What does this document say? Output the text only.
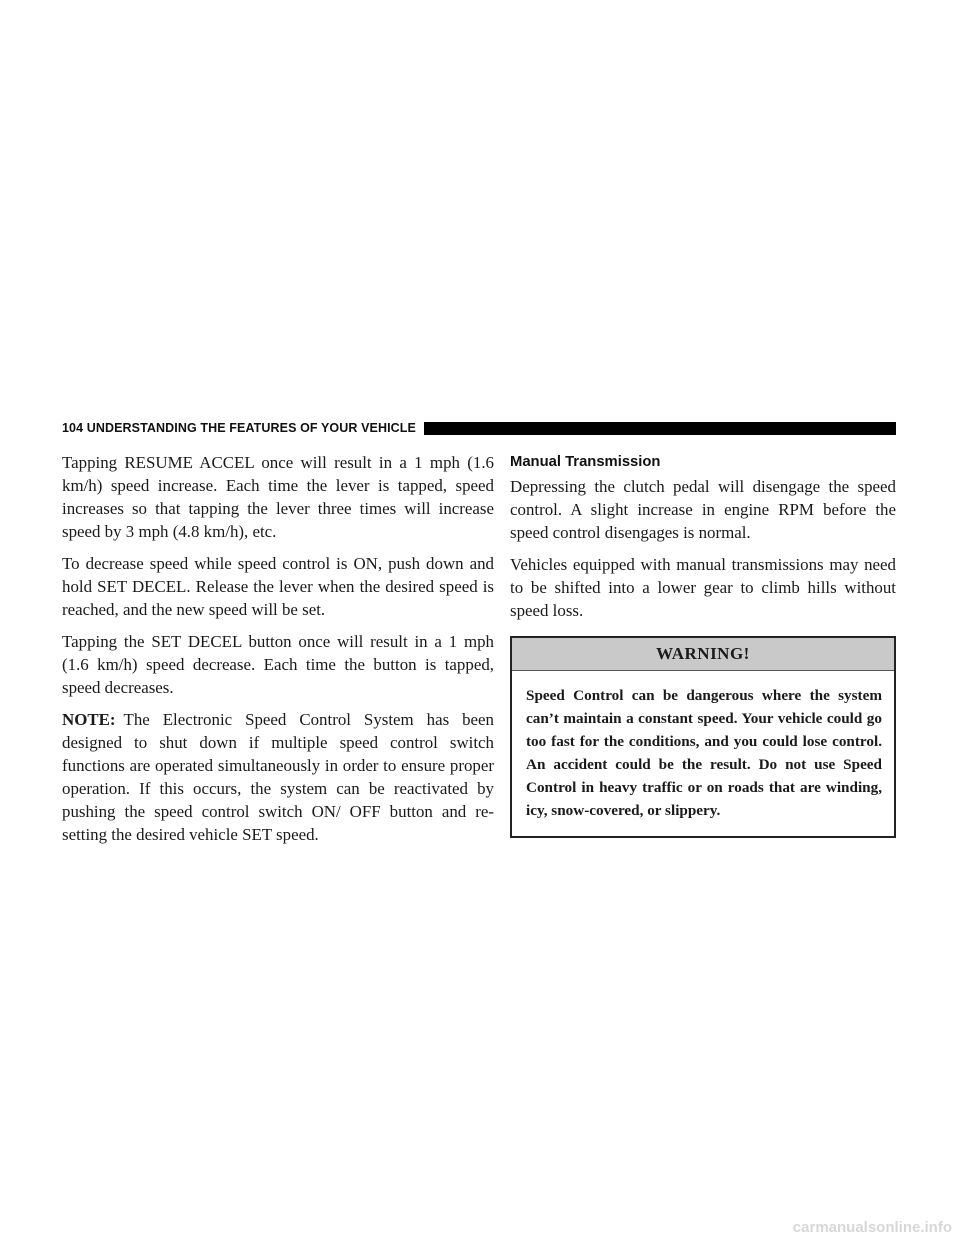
104 UNDERSTANDING THE FEATURES OF YOUR VEHICLE

Tapping RESUME ACCEL once will result in a 1 mph (1.6 km/h) speed increase. Each time the lever is tapped, speed increases so that tapping the lever three times will increase speed by 3 mph (4.8 km/h), etc.

To decrease speed while speed control is ON, push down and hold SET DECEL. Release the lever when the desired speed is reached, and the new speed will be set.

Tapping the SET DECEL button once will result in a 1 mph (1.6 km/h) speed decrease. Each time the button is tapped, speed decreases.

NOTE: The Electronic Speed Control System has been designed to shut down if multiple speed control switch functions are operated simultaneously in order to ensure proper operation. If this occurs, the system can be reactivated by pushing the speed control switch ON/ OFF button and re-setting the desired vehicle SET speed.

Manual Transmission

Depressing the clutch pedal will disengage the speed control. A slight increase in engine RPM before the speed control disengages is normal.

Vehicles equipped with manual transmissions may need to be shifted into a lower gear to climb hills without speed loss.

WARNING!
Speed Control can be dangerous where the system can’t maintain a constant speed. Your vehicle could go too fast for the conditions, and you could lose control. An accident could be the result. Do not use Speed Control in heavy traffic or on roads that are winding, icy, snow-covered, or slippery.
carmanualsonline.info
